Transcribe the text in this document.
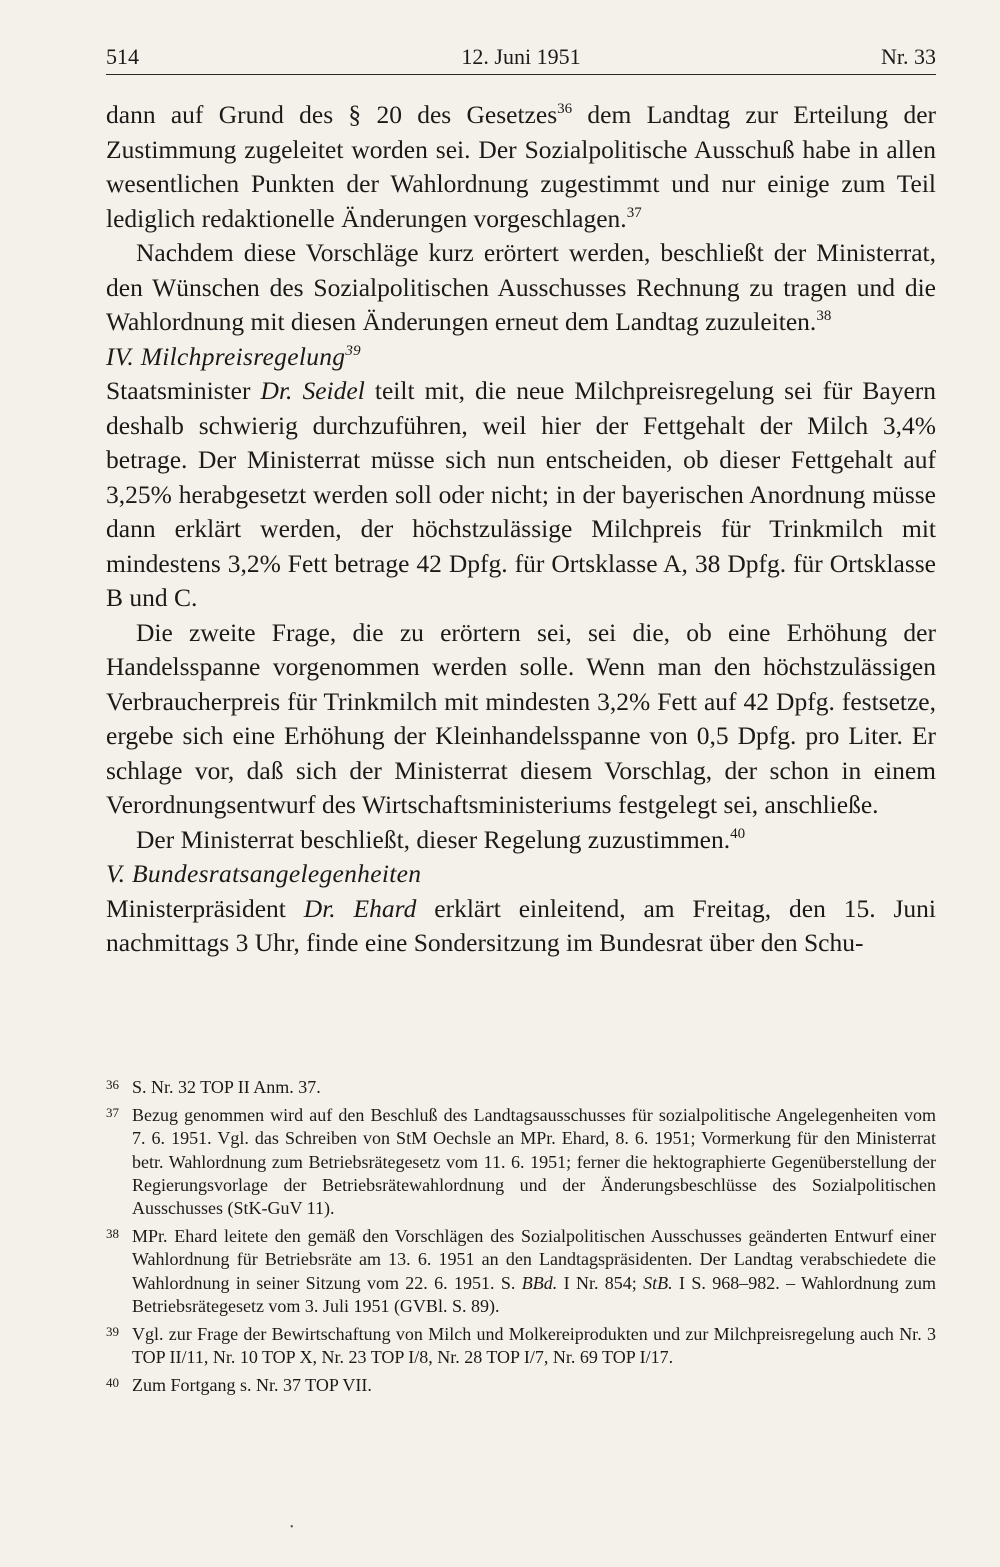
514	12. Juni 1951	Nr. 33

dann auf Grund des § 20 des Gesetzes$^{36}$ dem Landtag zur Erteilung der Zustimmung zugeleitet worden sei. Der Sozialpolitische Ausschuß habe in allen wesentlichen Punkten der Wahlordnung zugestimmt und nur einige zum Teil lediglich redaktionelle Änderungen vorgeschlagen.$^{37}$

Nachdem diese Vorschläge kurz erörtert werden, beschließt der Ministerrat, den Wünschen des Sozialpolitischen Ausschusses Rechnung zu tragen und die Wahlordnung mit diesen Änderungen erneut dem Landtag zuzuleiten.$^{38}$

IV. Milchpreisregelung$^{39}$

Staatsminister Dr. Seidel teilt mit, die neue Milchpreisregelung sei für Bayern deshalb schwierig durchzuführen, weil hier der Fettgehalt der Milch 3,4% betrage. Der Ministerrat müsse sich nun entscheiden, ob dieser Fettgehalt auf 3,25% herabgesetzt werden soll oder nicht; in der bayerischen Anordnung müsse dann erklärt werden, der höchstzulässige Milchpreis für Trinkmilch mit mindestens 3,2% Fett betrage 42 Dpfg. für Ortsklasse A, 38 Dpfg. für Ortsklasse B und C.

Die zweite Frage, die zu erörtern sei, sei die, ob eine Erhöhung der Handelsspanne vorgenommen werden solle. Wenn man den höchstzulässigen Verbraucherpreis für Trinkmilch mit mindesten 3,2% Fett auf 42 Dpfg. festsetze, ergebe sich eine Erhöhung der Kleinhandelsspanne von 0,5 Dpfg. pro Liter. Er schlage vor, daß sich der Ministerrat diesem Vorschlag, der schon in einem Verordnungsentwurf des Wirtschaftsministeriums festgelegt sei, anschließe.

Der Ministerrat beschließt, dieser Regelung zuzustimmen.$^{40}$

V. Bundesratsangelegenheiten

Ministerpräsident Dr. Ehard erklärt einleitend, am Freitag, den 15. Juni nachmittags 3 Uhr, finde eine Sondersitzung im Bundesrat über den Schu-

36 S. Nr. 32 TOP II Anm. 37.
37 Bezug genommen wird auf den Beschluß des Landtagsausschusses für sozialpolitische Angelegenheiten vom 7. 6. 1951. Vgl. das Schreiben von StM Oechsle an MPr. Ehard, 8. 6. 1951; Vormerkung für den Ministerrat betr. Wahlordnung zum Betriebsrätegesetz vom 11. 6. 1951; ferner die hektographierte Gegenüberstellung der Regierungsvorlage der Betriebsrätewahlordnung und der Änderungsbeschlüsse des Sozialpolitischen Ausschusses (StK-GuV 11).
38 MPr. Ehard leitete den gemäß den Vorschlägen des Sozialpolitischen Ausschusses geänderten Entwurf einer Wahlordnung für Betriebsräte am 13. 6. 1951 an den Landtagspräsidenten. Der Landtag verabschiedete die Wahlordnung in seiner Sitzung vom 22. 6. 1951. S. BBd. I Nr. 854; StB. I S. 968–982. – Wahlordnung zum Betriebsrätegesetz vom 3. Juli 1951 (GVBl. S. 89).
39 Vgl. zur Frage der Bewirtschaftung von Milch und Molkereiprodukten und zur Milchpreisregelung auch Nr. 3 TOP II/11, Nr. 10 TOP X, Nr. 23 TOP I/8, Nr. 28 TOP I/7, Nr. 69 TOP I/17.
40 Zum Fortgang s. Nr. 37 TOP VII.
•
